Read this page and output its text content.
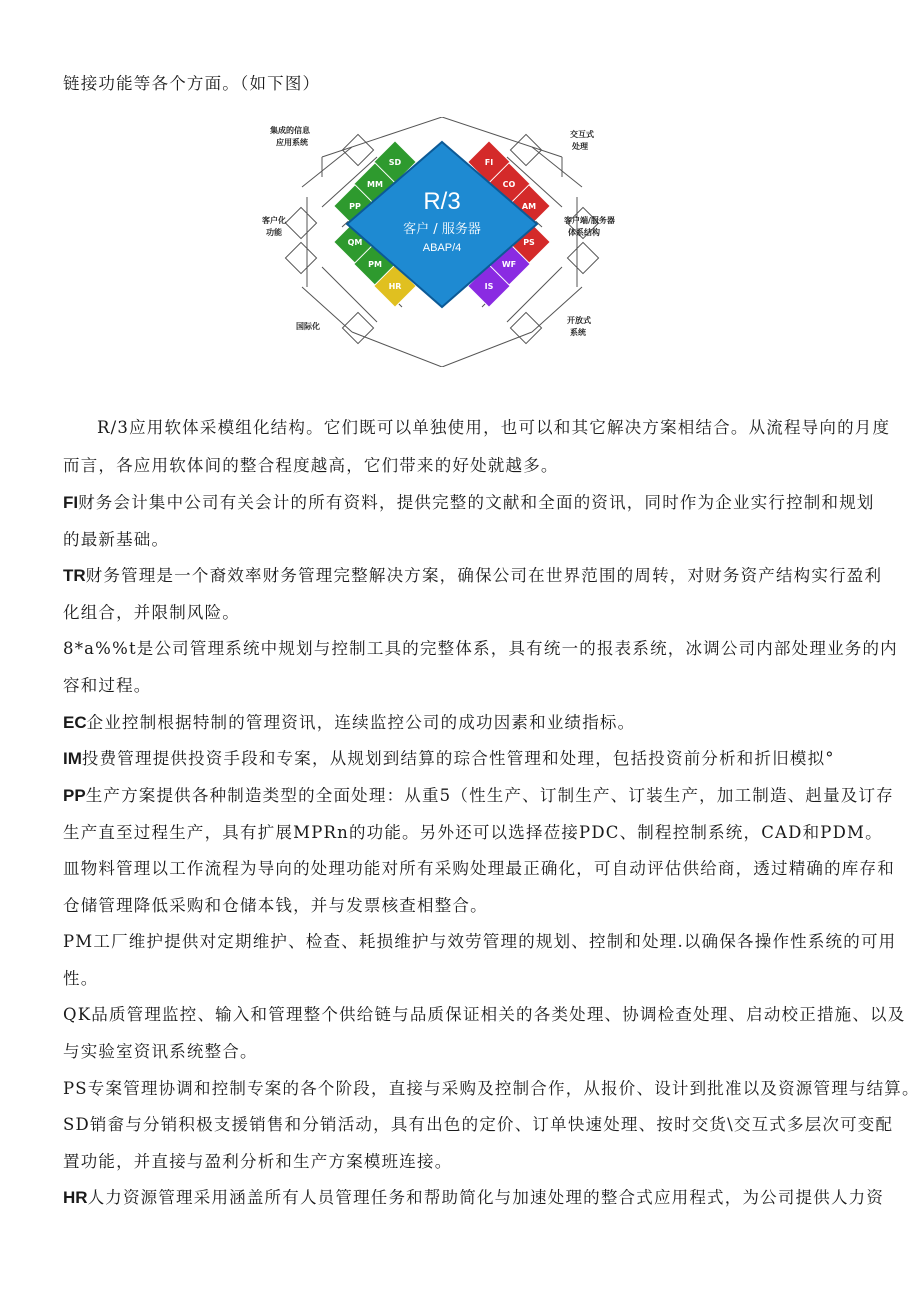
链接功能等各个方面。（如下图）
SD
MM
PP
QM
PM
HR
FI
CO
AM
PS
WF
IS
R/3
客户 / 服务器
ABAP/4
集成的信息
应用系统
交互式
处理
客户化
功能
客户端/服务器
体系结构
国际化
开放式
系统
R/3应用软体采模组化结构。它们既可以单独使用，也可以和其它解决方案相结合。从流程导向的月度
而言，各应用软体间的整合程度越高，它们带来的好处就越多。
FI财务会计集中公司有关会计的所有资料，提供完整的文献和全面的资讯，同时作为企业实行控制和规划
的最新基础。
TR财务管理是一个裔效率财务管理完整解决方案，确保公司在世界范围的周转，对财务资产结构实行盈利
化组合，并限制风险。
8*a%%t是公司管理系统中规划与控制工具的完整体系，具有统一的报表系统，冰调公司内部处理业务的内
容和过程。
EC企业控制根据特制的管理资讯，连续监控公司的成功因素和业绩指标。
IM投费管理提供投资手段和专案，从规划到结算的琮合性管理和处理，包括投资前分析和折旧模拟°
PP生产方案提供各种制造类型的全面处理：从重5（性生产、订制生产、订装生产，加工制造、赳量及订存
生产直至过程生产，具有扩展MPRn的功能。另外还可以选择莅接PDC、制程控制系统，CAD和PDM。
皿物料管理以工作流程为导向的处理功能对所有采购处理最正确化，可自动评估供给商，透过精确的库存和
仓储管理降低采购和仓储本钱，并与发票核查相整合。
PM工厂维护提供对定期维护、检查、耗损维护与效劳管理的规划、控制和处理.以确保各操作性系统的可用
性。
QK品质管理监控、输入和管理整个供给链与品质保证相关的各类处理、协调检查处理、启动校正措施、以及
与实验室资讯系统整合。
PS专案管理协调和控制专案的各个阶段，直接与采购及控制合作，从报价、设计到批准以及资源管理与结算。
SD销畲与分销积极支援销售和分销活动，具有出色的定价、订单快速处理、按时交货\交互式多层次可变配
置功能，并直接与盈利分析和生产方案模班连接。
HR人力资源管理采用涵盖所有人员管理任务和帮助简化与加速处理的整合式应用程式，为公司提供人力资
